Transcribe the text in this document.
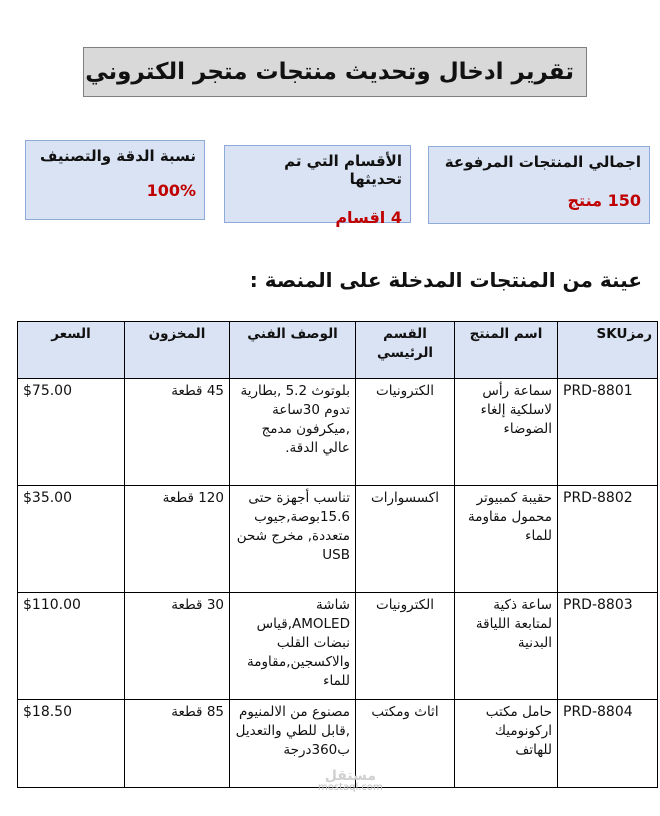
تقرير ادخال وتحديث منتجات متجر الكتروني
اجمالي المنتجات المرفوعة
150 منتج
الأقسام التي تم تحديثها
4 اقسام
نسبة الدقة والتصنيف
100%
عينة من المنتجات المدخلة على المنصة :
رمزSKU	اسم المنتج	القسم الرئيسي	الوصف الفني	المخزون	السعر
PRD-8801	سماعة رأس لاسلكية إلغاء الضوضاء	الكترونيات	بلوتوث 5.2 ,بطارية تدوم 30ساعة ,ميكرفون مدمج عالي الدقة.	45 قطعة	$75.00
PRD-8802	حقيبة كمبيوتر محمول مقاومة للماء	اكسسوارات	تناسب أجهزة حتى 15.6بوصة,جيوب متعددة, مخرج شحن USB	120 قطعة	$35.00
PRD-8803	ساعة ذكية لمتابعة اللياقة البدنية	الكترونيات	شاشة AMOLED,قياس نبضات القلب والاكسجين,مقاومة للماء	30 قطعة	$110.00
PRD-8804	حامل مكتب اركونوميك للهاتف	اثاث ومكتب	مصنوع من الالمنيوم ,قابل للطي والتعديل ب360درجة	85 قطعة	$18.50
مستقل
mostaql.com
